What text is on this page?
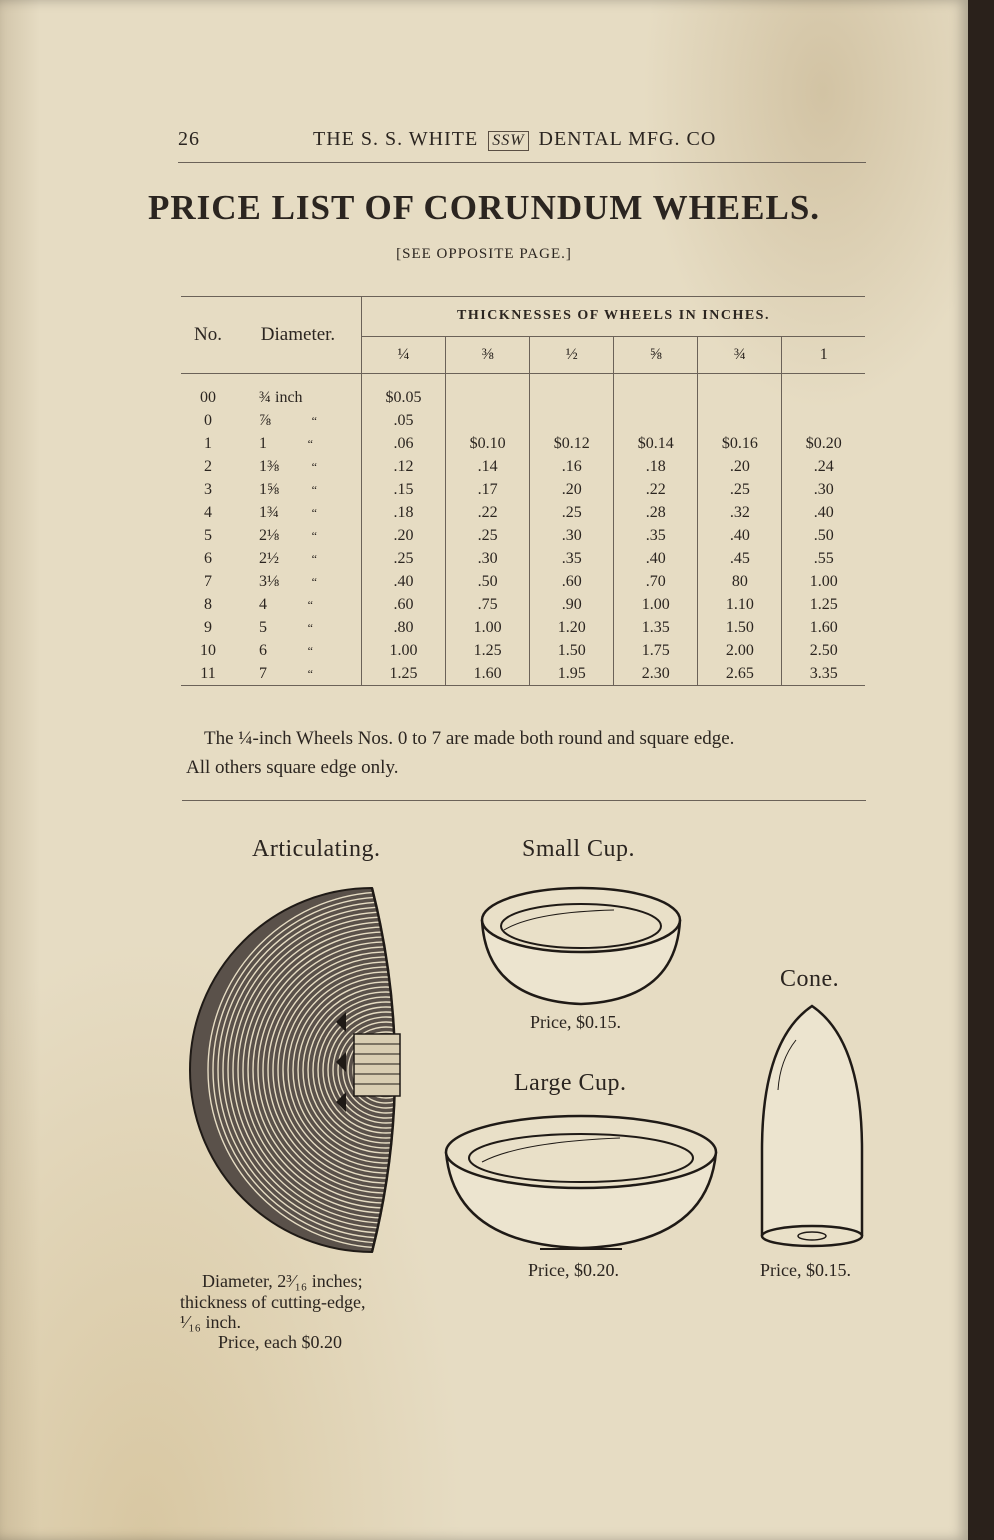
26	THE S. S. WHITE SSW DENTAL MFG. CO
PRICE LIST OF CORUNDUM WHEELS.
[SEE OPPOSITE PAGE.]
No.	Diameter.	THICKNESSES OF WHEELS IN INCHES.					
		¼	⅜	½	⅝	¾	1
00	¾ inch	$0.05					
0	⅞ “	.05					
1	1 “	.06	$0.10	$0.12	$0.14	$0.16	$0.20
2	1⅜ “	.12	.14	.16	.18	.20	.24
3	1⅝ “	.15	.17	.20	.22	.25	.30
4	1¾ “	.18	.22	.25	.28	.32	.40
5	2⅛ “	.20	.25	.30	.35	.40	.50
6	2½ “	.25	.30	.35	.40	.45	.55
7	3⅛ “	.40	.50	.60	.70	80	1.00
8	4 “	.60	.75	.90	1.00	1.10	1.25
9	5 “	.80	1.00	1.20	1.35	1.50	1.60
10	6 “	1.00	1.25	1.50	1.75	2.00	2.50
11	7 “	1.25	1.60	1.95	2.30	2.65	3.35
The ¼-inch Wheels Nos. 0 to 7 are made both round and square edge.
All others square edge only.
Articulating.
Diameter, 2³⁄₁₆ inches;
thickness of cutting-edge,
¹⁄₁₆ inch.
Price, each $0.20
Small Cup.
Price, $0.15.
Large Cup.
Price, $0.20.
Cone.
Price, $0.15.
